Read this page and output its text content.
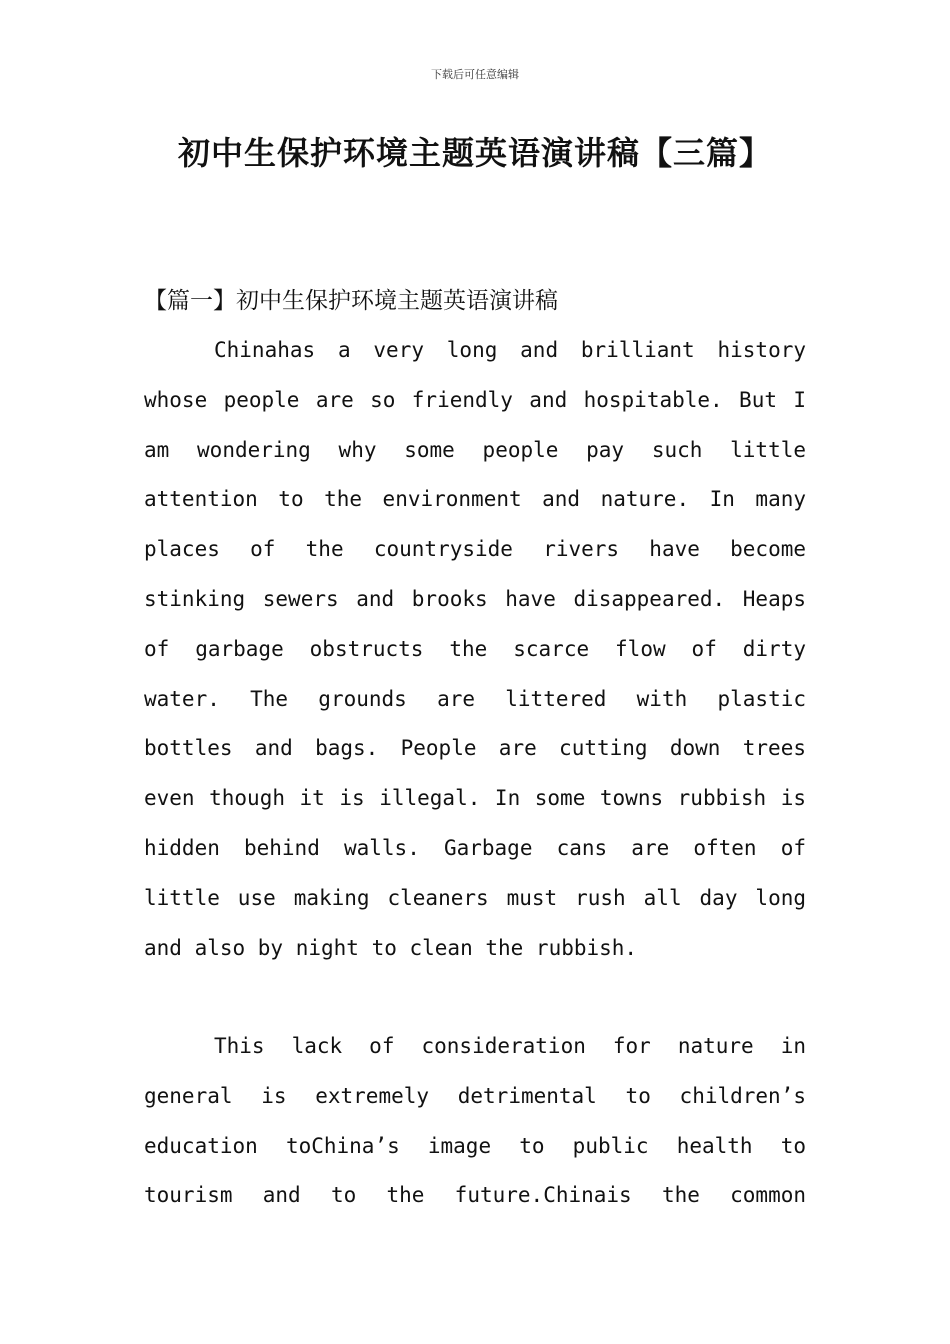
下载后可任意编辑
初中生保护环境主题英语演讲稿【三篇】
【篇一】初中生保护环境主题英语演讲稿
Chinahas a very long and brilliant history
whose people are so friendly and hospitable. But I
am wondering why some people pay such little
attention to the environment and nature. In many
places of the countryside rivers have become
stinking sewers and brooks have disappeared. Heaps
of garbage obstructs the scarce flow of dirty
water. The grounds are littered with plastic
bottles and bags. People are cutting down trees
even though it is illegal. In some towns rubbish is
hidden behind walls. Garbage cans are often of
little use making cleaners must rush all day long
and also by night to clean the rubbish.
This lack of consideration for nature in
general is extremely detrimental to children’s
education toChina’s image to public health to
tourism and to the future.Chinais the common
